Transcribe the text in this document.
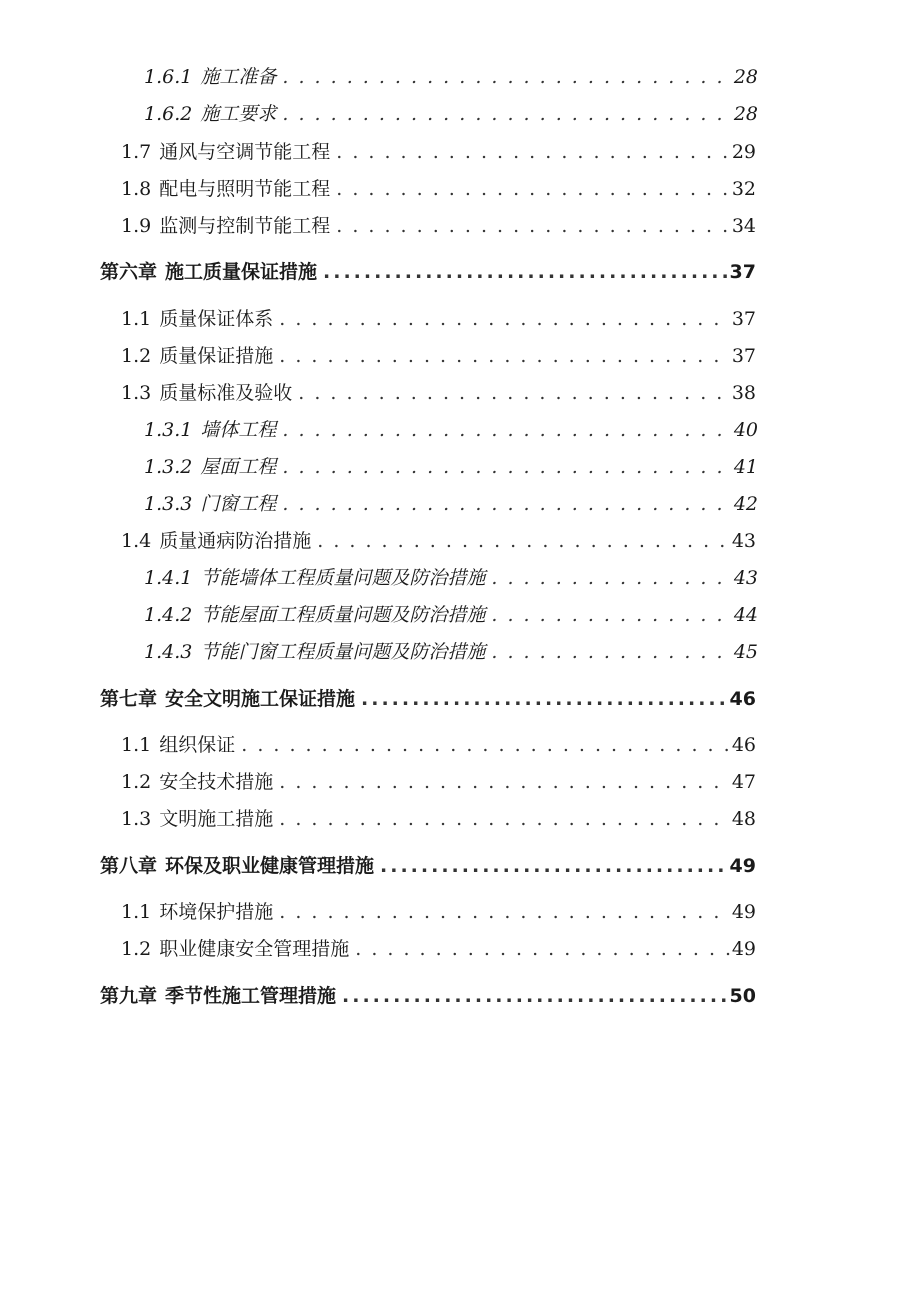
1.6.1 施工准备 . . .	28
1.6.2 施工要求 . . .	28
1.7 通风与空调节能工程 . . .	29
1.8 配电与照明节能工程 . . .	32
1.9 监测与控制节能工程 . . .	34
第六章 施工质量保证措施 .....	37
1.1 质量保证体系 . . .	37
1.2 质量保证措施 . . .	37
1.3 质量标准及验收 . . .	38
1.3.1 墙体工程 . . .	40
1.3.2 屋面工程 . . .	41
1.3.3 门窗工程 . . .	42
1.4 质量通病防治措施 . . .	43
1.4.1 节能墙体工程质量问题及防治措施 . . .	43
1.4.2 节能屋面工程质量问题及防治措施 . . .	44
1.4.3 节能门窗工程质量问题及防治措施 . . .	45
第七章 安全文明施工保证措施 .....	46
1.1 组织保证 . . .	46
1.2 安全技术措施 . . .	47
1.3 文明施工措施 . . .	48
第八章 环保及职业健康管理措施 .....	49
1.1 环境保护措施 . . .	49
1.2 职业健康安全管理措施 . . .	49
第九章 季节性施工管理措施 .....	50
